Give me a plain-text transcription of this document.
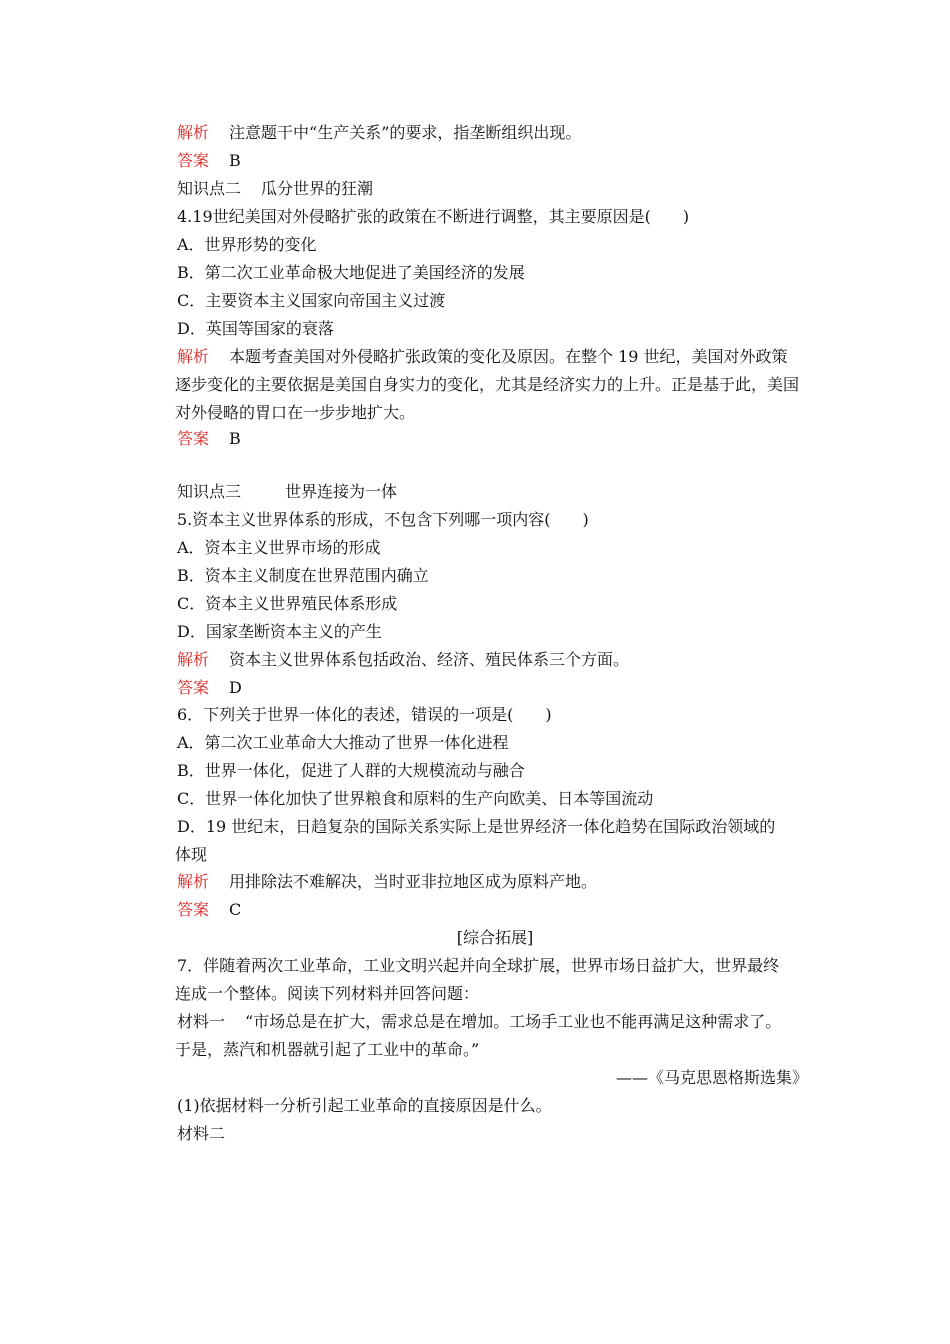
解析 注意题干中“生产关系”的要求，指垄断组织出现。
答案 B
知识点二 瓜分世界的狂潮
4.19世纪美国对外侵略扩张的政策在不断进行调整，其主要原因是(　　)
A．世界形势的变化
B．第二次工业革命极大地促进了美国经济的发展
C．主要资本主义国家向帝国主义过渡
D．英国等国家的衰落
解析 本题考查美国对外侵略扩张政策的变化及原因。在整个 19 世纪，美国对外政策
逐步变化的主要依据是美国自身实力的变化，尤其是经济实力的上升。正是基于此，美国
对外侵略的胃口在一步步地扩大。
答案 B
知识点三	世界连接为一体
5.资本主义世界体系的形成，不包含下列哪一项内容(　　)
A．资本主义世界市场的形成
B．资本主义制度在世界范围内确立
C．资本主义世界殖民体系形成
D．国家垄断资本主义的产生
解析 资本主义世界体系包括政治、经济、殖民体系三个方面。
答案 D
6．下列关于世界一体化的表述，错误的一项是(　　)
A．第二次工业革命大大推动了世界一体化进程
B．世界一体化，促进了人群的大规模流动与融合
C．世界一体化加快了世界粮食和原料的生产向欧美、日本等国流动
D．19 世纪末，日趋复杂的国际关系实际上是世界经济一体化趋势在国际政治领域的
体现
解析 用排除法不难解决，当时亚非拉地区成为原料产地。
答案 C
[综合拓展]
7．伴随着两次工业革命，工业文明兴起并向全球扩展，世界市场日益扩大，世界最终
连成一个整体。阅读下列材料并回答问题：
材料一 “市场总是在扩大，需求总是在增加。工场手工业也不能再满足这种需求了。
于是，蒸汽和机器就引起了工业中的革命。”
——《马克思恩格斯选集》
(1)依据材料一分析引起工业革命的直接原因是什么。
材料二
